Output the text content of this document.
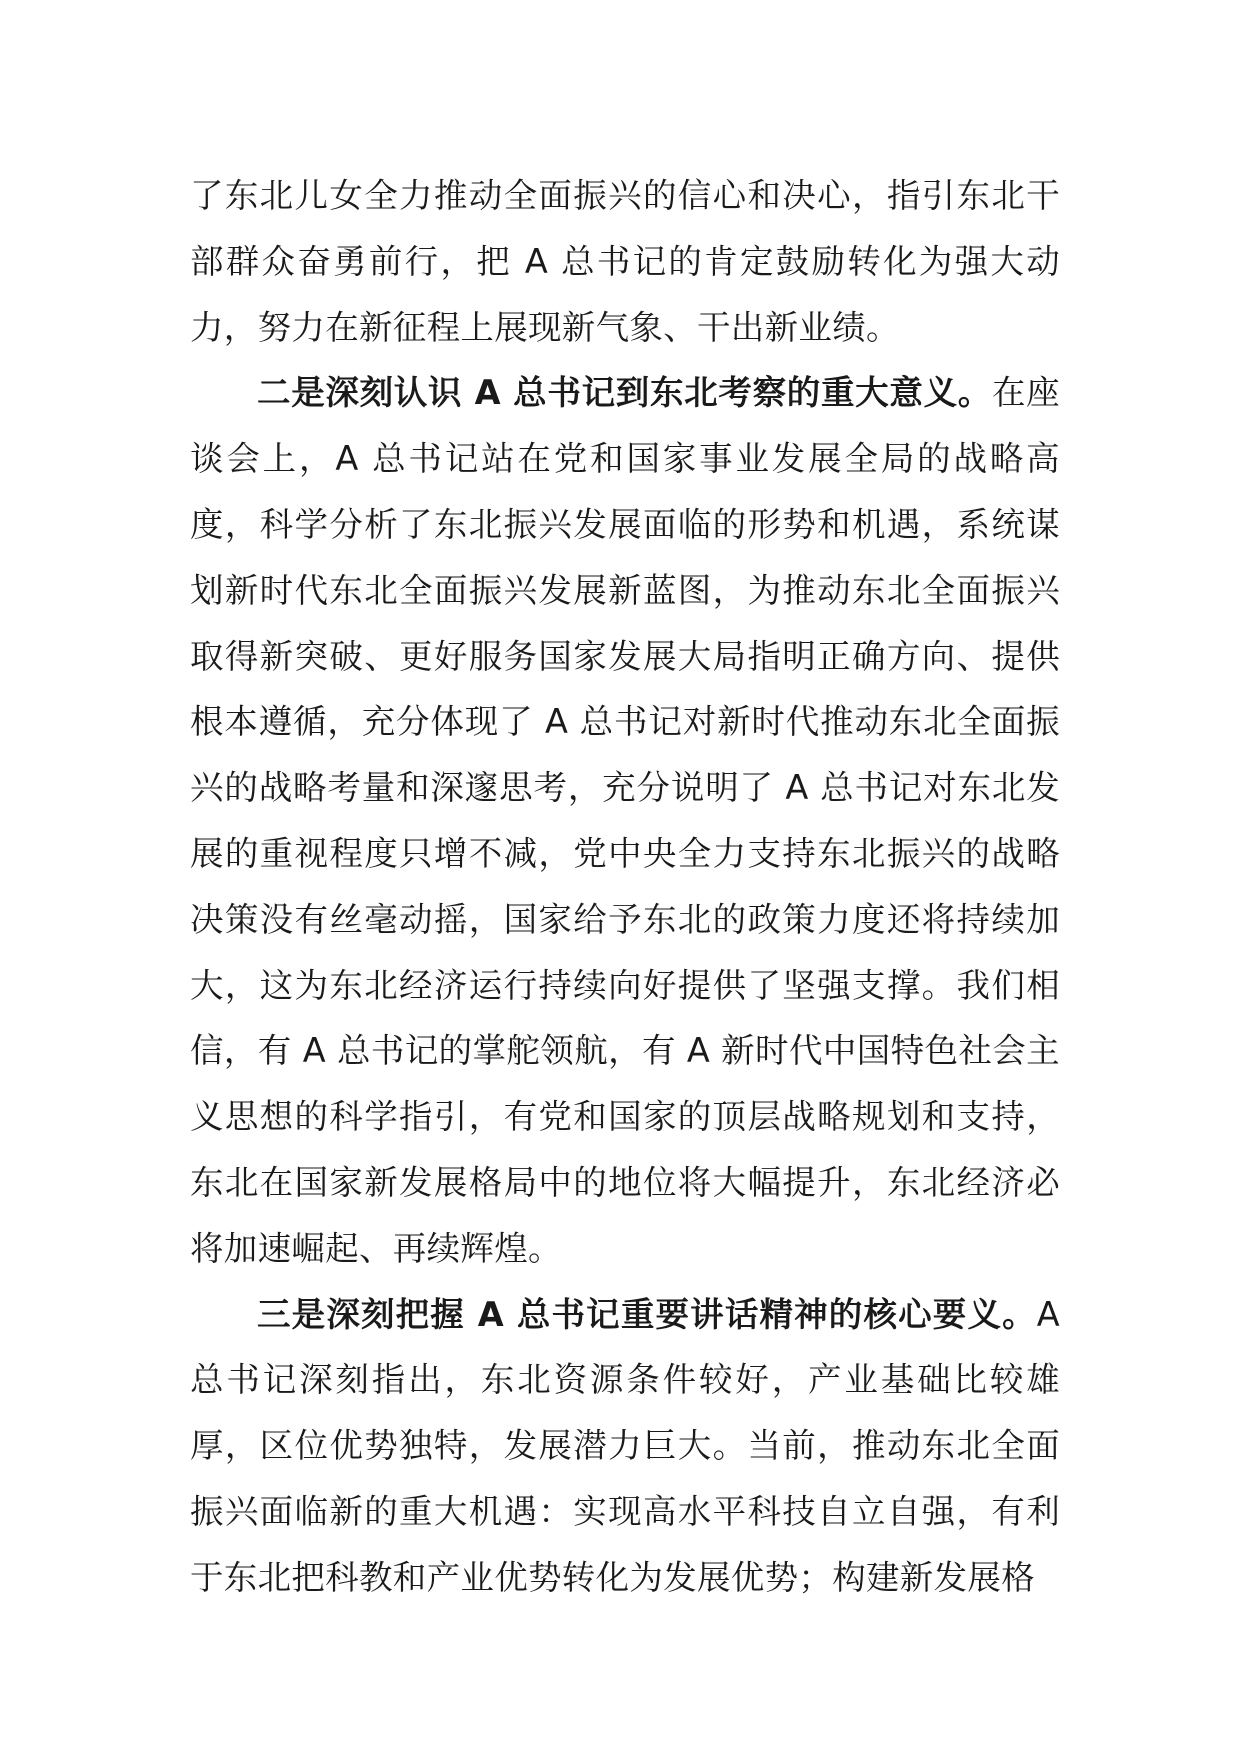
了东北儿女全力推动全面振兴的信心和决心，指引东北干部群众奋勇前行，把 A 总书记的肯定鼓励转化为强大动力，努力在新征程上展现新气象、干出新业绩。

二是深刻认识 A 总书记到东北考察的重大意义。在座谈会上，A 总书记站在党和国家事业发展全局的战略高度，科学分析了东北振兴发展面临的形势和机遇，系统谋划新时代东北全面振兴发展新蓝图，为推动东北全面振兴取得新突破、更好服务国家发展大局指明正确方向、提供根本遵循，充分体现了 A 总书记对新时代推动东北全面振兴的战略考量和深邃思考，充分说明了 A 总书记对东北发展的重视程度只增不减，党中央全力支持东北振兴的战略决策没有丝毫动摇，国家给予东北的政策力度还将持续加大，这为东北经济运行持续向好提供了坚强支撑。我们相信，有 A 总书记的掌舵领航，有 A 新时代中国特色社会主义思想的科学指引，有党和国家的顶层战略规划和支持，东北在国家新发展格局中的地位将大幅提升，东北经济必将加速崛起、再续辉煌。

三是深刻把握 A 总书记重要讲话精神的核心要义。A 总书记深刻指出，东北资源条件较好，产业基础比较雄厚，区位优势独特，发展潜力巨大。当前，推动东北全面振兴面临新的重大机遇：实现高水平科技自立自强，有利于东北把科教和产业优势转化为发展优势；构建新发展格
